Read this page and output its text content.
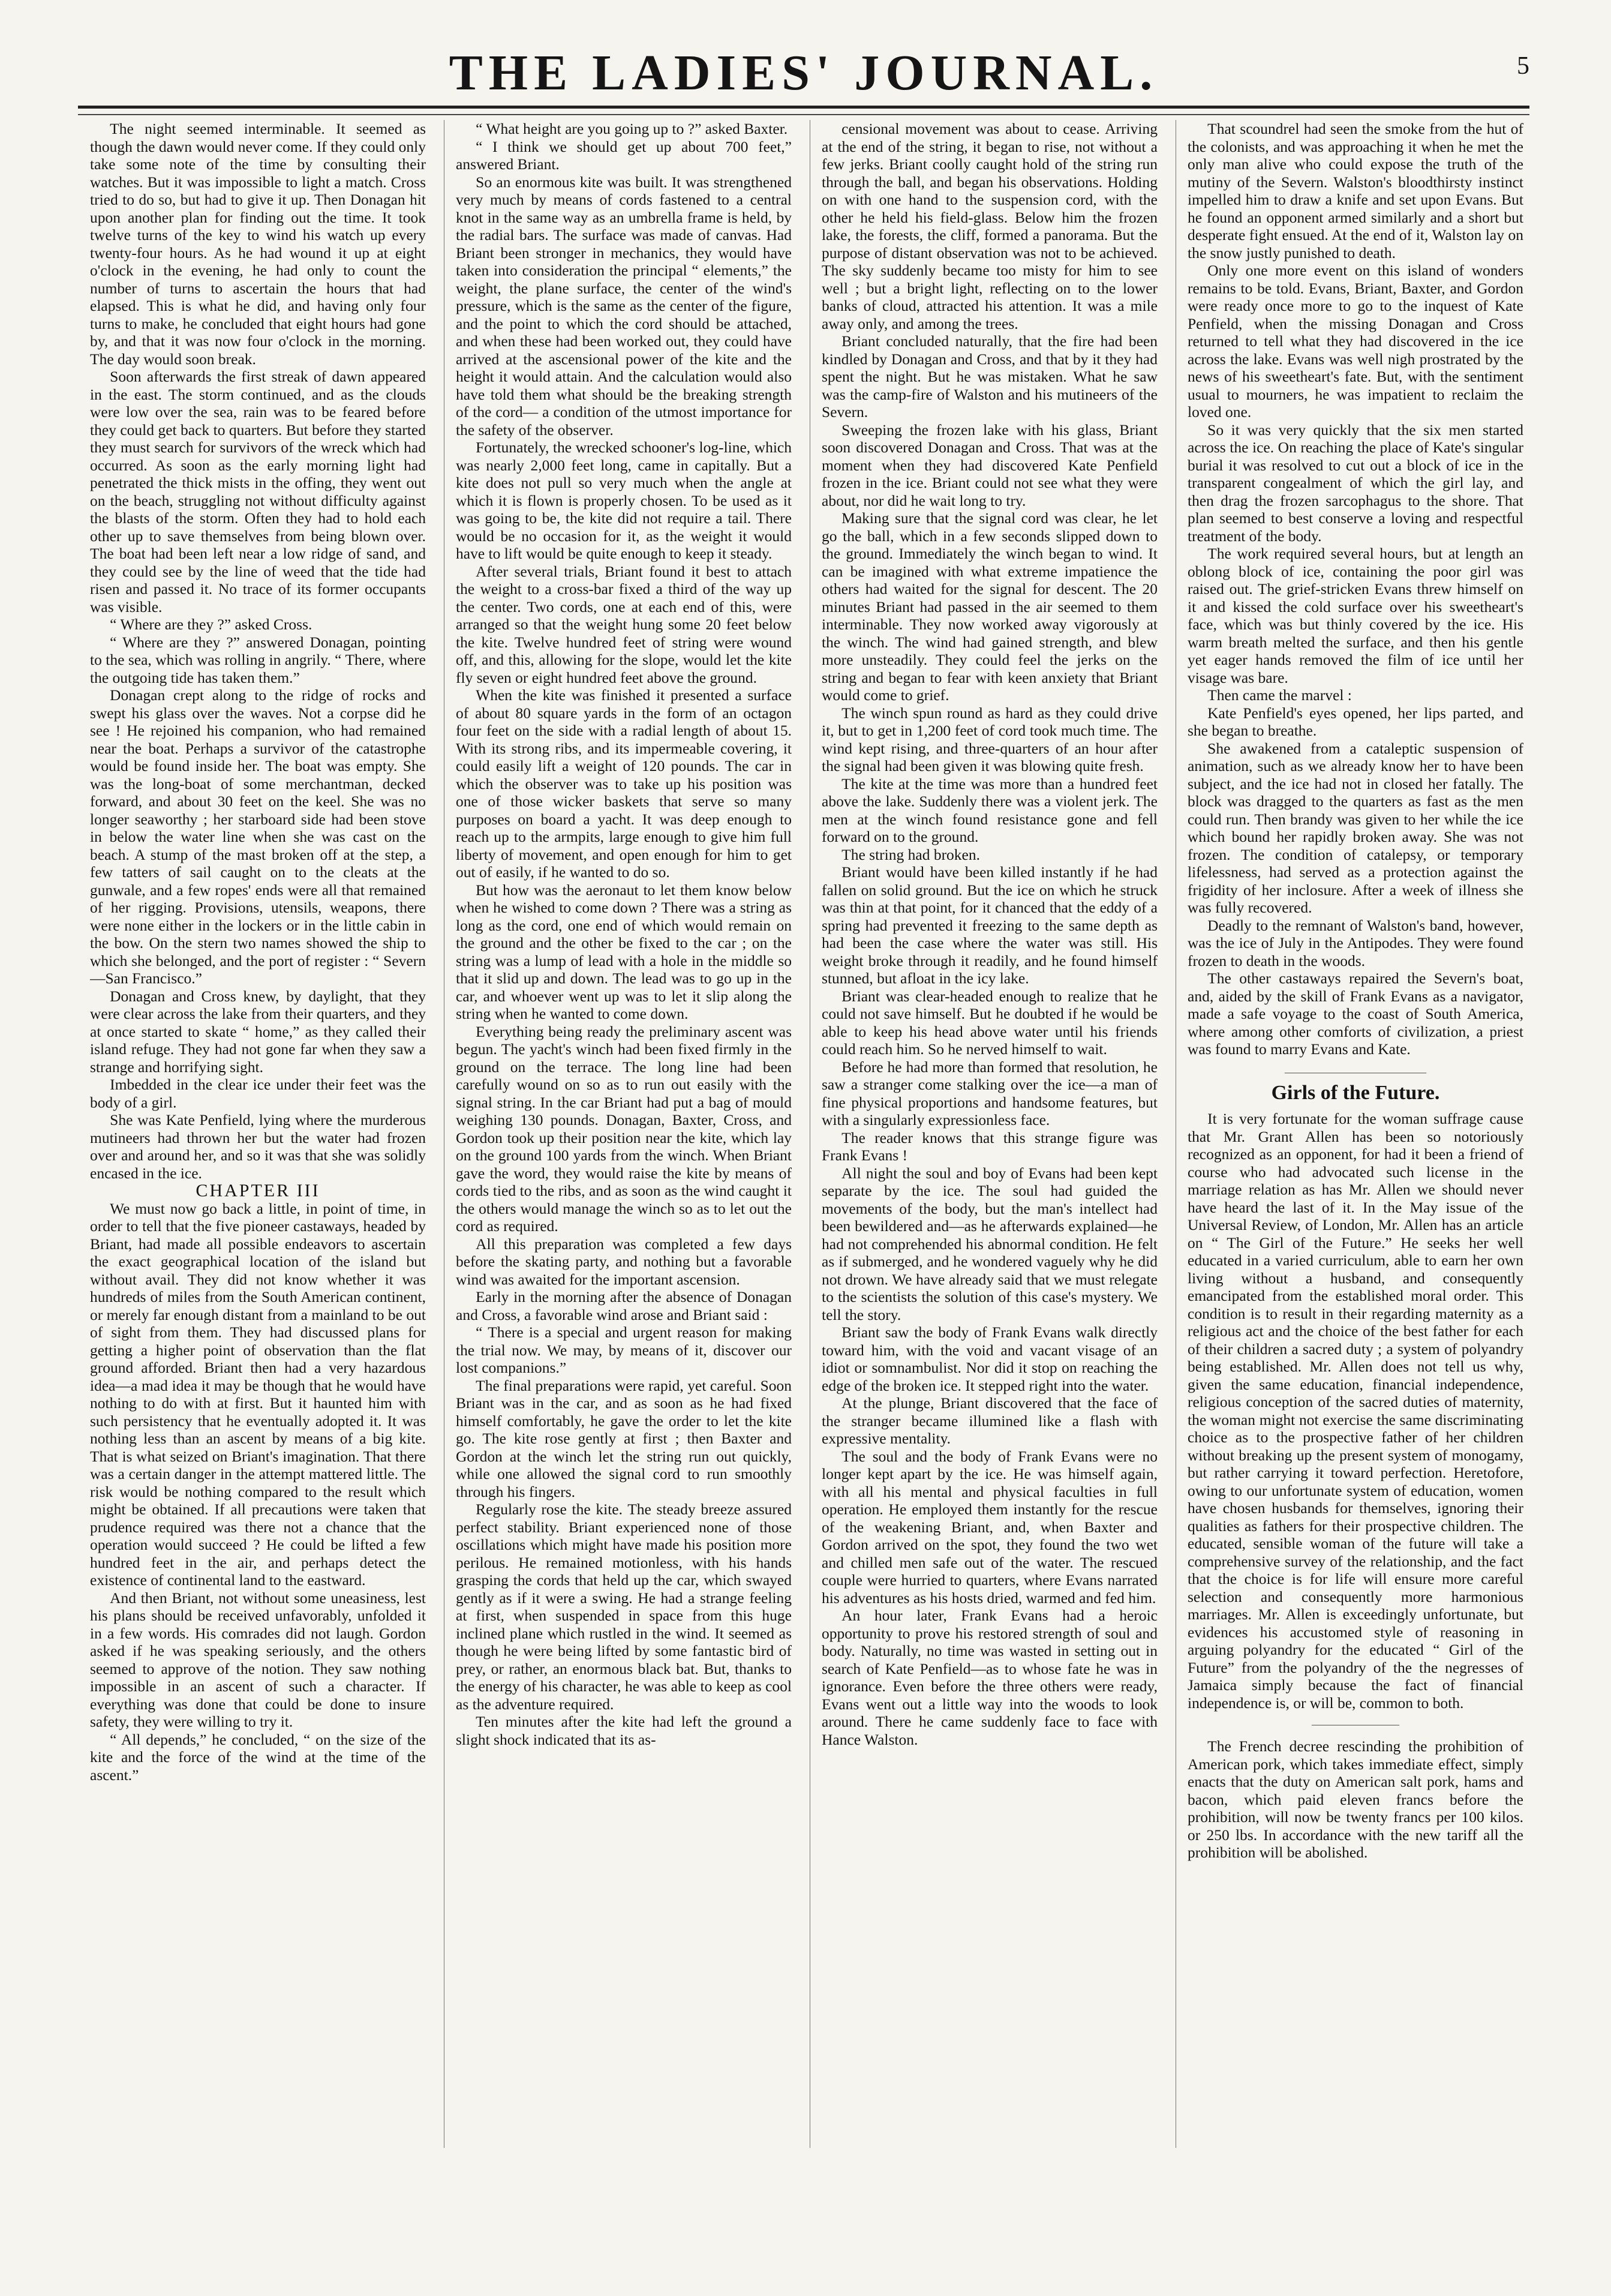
THE LADIES' JOURNAL.	5

The night seemed interminable. It seemed as though the dawn would never come. If they could only take some note of the time by consulting their watches. But it was impossible to light a match. Cross tried to do so, but had to give it up. Then Donagan hit upon another plan for finding out the time. It took twelve turns of the key to wind his watch up every twenty-four hours. As he had wound it up at eight o'clock in the evening, he had only to count the number of turns to ascertain the hours that had elapsed. This is what he did, and having only four turns to make, he concluded that eight hours had gone by, and that it was now four o'clock in the morning. The day would soon break.

Soon afterwards the first streak of dawn appeared in the east. The storm continued, and as the clouds were low over the sea, rain was to be feared before they could get back to quarters. But before they started they must search for survivors of the wreck which had occurred. As soon as the early morning light had penetrated the thick mists in the offing, they went out on the beach, struggling not without difficulty against the blasts of the storm. Often they had to hold each other up to save themselves from being blown over. The boat had been left near a low ridge of sand, and they could see by the line of weed that the tide had risen and passed it. No trace of its former occupants was visible.

“ Where are they ?” asked Cross.

“ Where are they ?” answered Donagan, pointing to the sea, which was rolling in angrily. “ There, where the outgoing tide has taken them.”

Donagan crept along to the ridge of rocks and swept his glass over the waves. Not a corpse did he see ! He rejoined his companion, who had remained near the boat. Perhaps a survivor of the catastrophe would be found inside her. The boat was empty. She was the long-boat of some merchantman, decked forward, and about 30 feet on the keel. She was no longer seaworthy ; her starboard side had been stove in below the water line when she was cast on the beach. A stump of the mast broken off at the step, a few tatters of sail caught on to the cleats at the gunwale, and a few ropes' ends were all that remained of her rigging. Provisions, utensils, weapons, there were none either in the lockers or in the little cabin in the bow. On the stern two names showed the ship to which she belonged, and the port of register : “ Severn—San Francisco.”

Donagan and Cross knew, by daylight, that they were clear across the lake from their quarters, and they at once started to skate “ home,” as they called their island refuge. They had not gone far when they saw a strange and horrifying sight.

Imbedded in the clear ice under their feet was the body of a girl.

She was Kate Penfield, lying where the murderous mutineers had thrown her but the water had frozen over and around her, and so it was that she was solidly encased in the ice.

CHAPTER III

We must now go back a little, in point of time, in order to tell that the five pioneer castaways, headed by Briant, had made all possible endeavors to ascertain the exact geographical location of the island but without avail. They did not know whether it was hundreds of miles from the South American continent, or merely far enough distant from a mainland to be out of sight from them. They had discussed plans for getting a higher point of observation than the flat ground afforded. Briant then had a very hazardous idea—a mad idea it may be though that he would have nothing to do with at first. But it haunted him with such persistency that he eventually adopted it. It was nothing less than an ascent by means of a big kite. That is what seized on Briant's imagination. That there was a certain danger in the attempt mattered little. The risk would be nothing compared to the result which might be obtained. If all precautions were taken that prudence required was there not a chance that the operation would succeed ? He could be lifted a few hundred feet in the air, and perhaps detect the existence of continental land to the eastward.

And then Briant, not without some uneasiness, lest his plans should be received unfavorably, unfolded it in a few words. His comrades did not laugh. Gordon asked if he was speaking seriously, and the others seemed to approve of the notion. They saw nothing impossible in an ascent of such a character. If everything was done that could be done to insure safety, they were willing to try it.

“ All depends,” he concluded, “ on the size of the kite and the force of the wind at the time of the ascent.”

“ What height are you going up to ?” asked Baxter.

“ I think we should get up about 700 feet,” answered Briant.

So an enormous kite was built. It was strengthened very much by means of cords fastened to a central knot in the same way as an umbrella frame is held, by the radial bars. The surface was made of canvas. Had Briant been stronger in mechanics, they would have taken into consideration the principal “ elements,” the weight, the plane surface, the center of the wind's pressure, which is the same as the center of the figure, and the point to which the cord should be attached, and when these had been worked out, they could have arrived at the ascensional power of the kite and the height it would attain. And the calculation would also have told them what should be the breaking strength of the cord— a condition of the utmost importance for the safety of the observer.

Fortunately, the wrecked schooner's log-line, which was nearly 2,000 feet long, came in capitally. But a kite does not pull so very much when the angle at which it is flown is properly chosen. To be used as it was going to be, the kite did not require a tail. There would be no occasion for it, as the weight it would have to lift would be quite enough to keep it steady.

After several trials, Briant found it best to attach the weight to a cross-bar fixed a third of the way up the center. Two cords, one at each end of this, were arranged so that the weight hung some 20 feet below the kite. Twelve hundred feet of string were wound off, and this, allowing for the slope, would let the kite fly seven or eight hundred feet above the ground.

When the kite was finished it presented a surface of about 80 square yards in the form of an octagon four feet on the side with a radial length of about 15. With its strong ribs, and its impermeable covering, it could easily lift a weight of 120 pounds. The car in which the observer was to take up his position was one of those wicker baskets that serve so many purposes on board a yacht. It was deep enough to reach up to the armpits, large enough to give him full liberty of movement, and open enough for him to get out of easily, if he wanted to do so.

But how was the aeronaut to let them know below when he wished to come down ? There was a string as long as the cord, one end of which would remain on the ground and the other be fixed to the car ; on the string was a lump of lead with a hole in the middle so that it slid up and down. The lead was to go up in the car, and whoever went up was to let it slip along the string when he wanted to come down.

Everything being ready the preliminary ascent was begun. The yacht's winch had been fixed firmly in the ground on the terrace. The long line had been carefully wound on so as to run out easily with the signal string. In the car Briant had put a bag of mould weighing 130 pounds. Donagan, Baxter, Cross, and Gordon took up their position near the kite, which lay on the ground 100 yards from the winch. When Briant gave the word, they would raise the kite by means of cords tied to the ribs, and as soon as the wind caught it the others would manage the winch so as to let out the cord as required.

All this preparation was completed a few days before the skating party, and nothing but a favorable wind was awaited for the important ascension.

Early in the morning after the absence of Donagan and Cross, a favorable wind arose and Briant said :

“ There is a special and urgent reason for making the trial now. We may, by means of it, discover our lost companions.”

The final preparations were rapid, yet careful. Soon Briant was in the car, and as soon as he had fixed himself comfortably, he gave the order to let the kite go. The kite rose gently at first ; then Baxter and Gordon at the winch let the string run out quickly, while one allowed the signal cord to run smoothly through his fingers.

Regularly rose the kite. The steady breeze assured perfect stability. Briant experienced none of those oscillations which might have made his position more perilous. He remained motionless, with his hands grasping the cords that held up the car, which swayed gently as if it were a swing. He had a strange feeling at first, when suspended in space from this huge inclined plane which rustled in the wind. It seemed as though he were being lifted by some fantastic bird of prey, or rather, an enormous black bat. But, thanks to the energy of his character, he was able to keep as cool as the adventure required.

Ten minutes after the kite had left the ground a slight shock indicated that its as-

censional movement was about to cease. Arriving at the end of the string, it began to rise, not without a few jerks. Briant coolly caught hold of the string run through the ball, and began his observations. Holding on with one hand to the suspension cord, with the other he held his field-glass. Below him the frozen lake, the forests, the cliff, formed a panorama. But the purpose of distant observation was not to be achieved. The sky suddenly became too misty for him to see well ; but a bright light, reflecting on to the lower banks of cloud, attracted his attention. It was a mile away only, and among the trees.

Briant concluded naturally, that the fire had been kindled by Donagan and Cross, and that by it they had spent the night. But he was mistaken. What he saw was the camp-fire of Walston and his mutineers of the Severn.

Sweeping the frozen lake with his glass, Briant soon discovered Donagan and Cross. That was at the moment when they had discovered Kate Penfield frozen in the ice. Briant could not see what they were about, nor did he wait long to try.

Making sure that the signal cord was clear, he let go the ball, which in a few seconds slipped down to the ground. Immediately the winch began to wind. It can be imagined with what extreme impatience the others had waited for the signal for descent. The 20 minutes Briant had passed in the air seemed to them interminable. They now worked away vigorously at the winch. The wind had gained strength, and blew more unsteadily. They could feel the jerks on the string and began to fear with keen anxiety that Briant would come to grief.

The winch spun round as hard as they could drive it, but to get in 1,200 feet of cord took much time. The wind kept rising, and three-quarters of an hour after the signal had been given it was blowing quite fresh.

The kite at the time was more than a hundred feet above the lake. Suddenly there was a violent jerk. The men at the winch found resistance gone and fell forward on to the ground.

The string had broken.

Briant would have been killed instantly if he had fallen on solid ground. But the ice on which he struck was thin at that point, for it chanced that the eddy of a spring had prevented it freezing to the same depth as had been the case where the water was still. His weight broke through it readily, and he found himself stunned, but afloat in the icy lake.

Briant was clear-headed enough to realize that he could not save himself. But he doubted if he would be able to keep his head above water until his friends could reach him. So he nerved himself to wait.

Before he had more than formed that resolution, he saw a stranger come stalking over the ice—a man of fine physical proportions and handsome features, but with a singularly expressionless face.

The reader knows that this strange figure was Frank Evans !

All night the soul and boy of Evans had been kept separate by the ice. The soul had guided the movements of the body, but the man's intellect had been bewildered and—as he afterwards explained—he had not comprehended his abnormal condition. He felt as if submerged, and he wondered vaguely why he did not drown. We have already said that we must relegate to the scientists the solution of this case's mystery. We tell the story.

Briant saw the body of Frank Evans walk directly toward him, with the void and vacant visage of an idiot or somnambulist. Nor did it stop on reaching the edge of the broken ice. It stepped right into the water.

At the plunge, Briant discovered that the face of the stranger became illumined like a flash with expressive mentality.

The soul and the body of Frank Evans were no longer kept apart by the ice. He was himself again, with all his mental and physical faculties in full operation. He employed them instantly for the rescue of the weakening Briant, and, when Baxter and Gordon arrived on the spot, they found the two wet and chilled men safe out of the water. The rescued couple were hurried to quarters, where Evans narrated his adventures as his hosts dried, warmed and fed him.

An hour later, Frank Evans had a heroic opportunity to prove his restored strength of soul and body. Naturally, no time was wasted in setting out in search of Kate Penfield—as to whose fate he was in ignorance. Even before the three others were ready, Evans went out a little way into the woods to look around. There he came suddenly face to face with Hance Walston.

That scoundrel had seen the smoke from the hut of the colonists, and was approaching it when he met the only man alive who could expose the truth of the mutiny of the Severn. Walston's bloodthirsty instinct impelled him to draw a knife and set upon Evans. But he found an opponent armed similarly and a short but desperate fight ensued. At the end of it, Walston lay on the snow justly punished to death.

Only one more event on this island of wonders remains to be told. Evans, Briant, Baxter, and Gordon were ready once more to go to the inquest of Kate Penfield, when the missing Donagan and Cross returned to tell what they had discovered in the ice across the lake. Evans was well nigh prostrated by the news of his sweetheart's fate. But, with the sentiment usual to mourners, he was impatient to reclaim the loved one.

So it was very quickly that the six men started across the ice. On reaching the place of Kate's singular burial it was resolved to cut out a block of ice in the transparent congealment of which the girl lay, and then drag the frozen sarcophagus to the shore. That plan seemed to best conserve a loving and respectful treatment of the body.

The work required several hours, but at length an oblong block of ice, containing the poor girl was raised out. The grief-stricken Evans threw himself on it and kissed the cold surface over his sweetheart's face, which was but thinly covered by the ice. His warm breath melted the surface, and then his gentle yet eager hands removed the film of ice until her visage was bare.

Then came the marvel :

Kate Penfield's eyes opened, her lips parted, and she began to breathe.

She awakened from a cataleptic suspension of animation, such as we already know her to have been subject, and the ice had not in closed her fatally. The block was dragged to the quarters as fast as the men could run. Then brandy was given to her while the ice which bound her rapidly broken away. She was not frozen. The condition of catalepsy, or temporary lifelessness, had served as a protection against the frigidity of her inclosure. After a week of illness she was fully recovered.

Deadly to the remnant of Walston's band, however, was the ice of July in the Antipodes. They were found frozen to death in the woods.

The other castaways repaired the Severn's boat, and, aided by the skill of Frank Evans as a navigator, made a safe voyage to the coast of South America, where among other comforts of civilization, a priest was found to marry Evans and Kate.

Girls of the Future.

It is very fortunate for the woman suffrage cause that Mr. Grant Allen has been so notoriously recognized as an opponent, for had it been a friend of course who had advocated such license in the marriage relation as has Mr. Allen we should never have heard the last of it. In the May issue of the Universal Review, of London, Mr. Allen has an article on “ The Girl of the Future.” He seeks her well educated in a varied curriculum, able to earn her own living without a husband, and consequently emancipated from the established moral order. This condition is to result in their regarding maternity as a religious act and the choice of the best father for each of their children a sacred duty ; a system of polyandry being established. Mr. Allen does not tell us why, given the same education, financial independence, religious conception of the sacred duties of maternity, the woman might not exercise the same discriminating choice as to the prospective father of her children without breaking up the present system of monogamy, but rather carrying it toward perfection. Heretofore, owing to our unfortunate system of education, women have chosen husbands for themselves, ignoring their qualities as fathers for their prospective children. The educated, sensible woman of the future will take a comprehensive survey of the relationship, and the fact that the choice is for life will ensure more careful selection and consequently more harmonious marriages. Mr. Allen is exceedingly unfortunate, but evidences his accustomed style of reasoning in arguing polyandry for the educated “ Girl of the Future” from the polyandry of the the negresses of Jamaica simply because the fact of financial independence is, or will be, common to both.

The French decree rescinding the prohibition of American pork, which takes immediate effect, simply enacts that the duty on American salt pork, hams and bacon, which paid eleven francs before the prohibition, will now be twenty francs per 100 kilos. or 250 lbs. In accordance with the new tariff all the prohibition will be abolished.
